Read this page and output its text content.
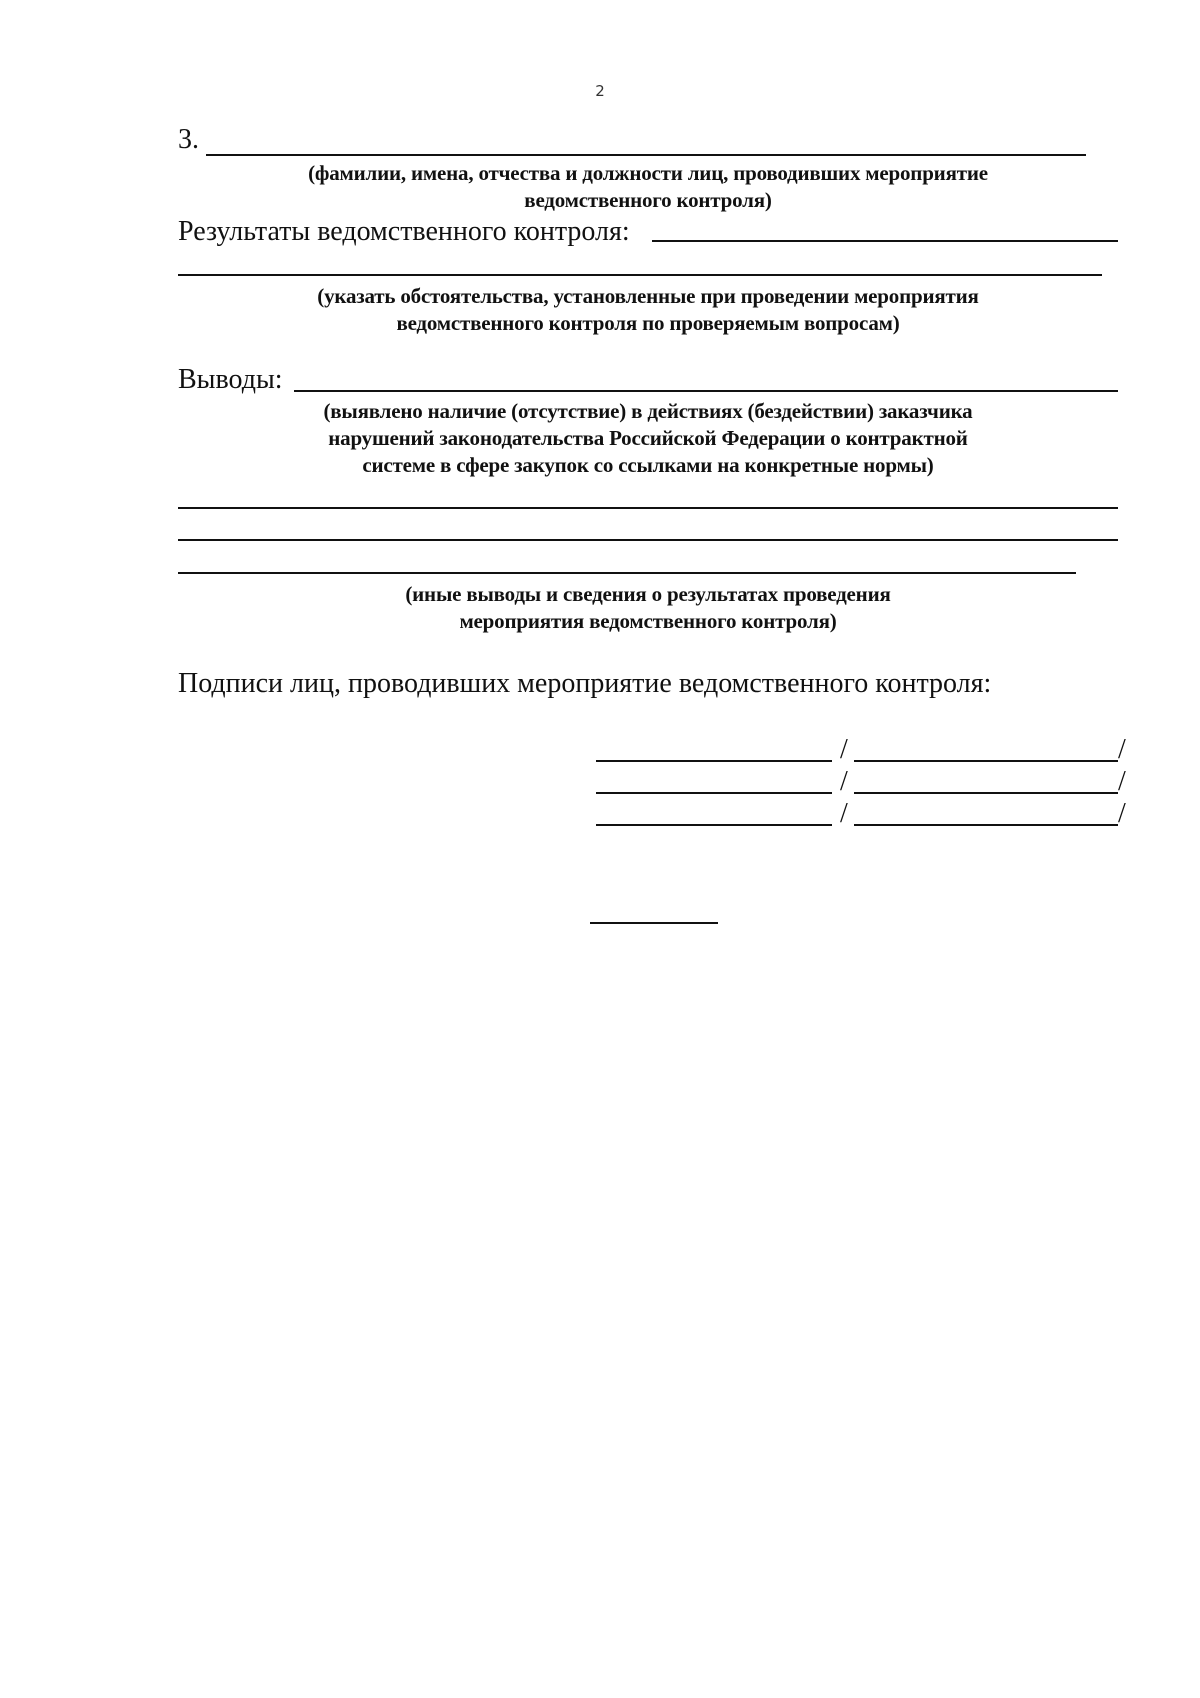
2
3.
(фамилии, имена, отчества и должности лиц, проводивших мероприятие
ведомственного контроля)
Результаты ведомственного контроля:
(указать обстоятельства, установленные при проведении мероприятия
ведомственного контроля по проверяемым вопросам)
Выводы:
(выявлено наличие (отсутствие) в действиях (бездействии) заказчика
нарушений законодательства Российской Федерации о контрактной
системе в сфере закупок со ссылками на конкретные нормы)
(иные выводы и сведения о результатах проведения
мероприятия ведомственного контроля)
Подписи лиц, проводивших мероприятие ведомственного контроля:
/	/
/	/
/	/
